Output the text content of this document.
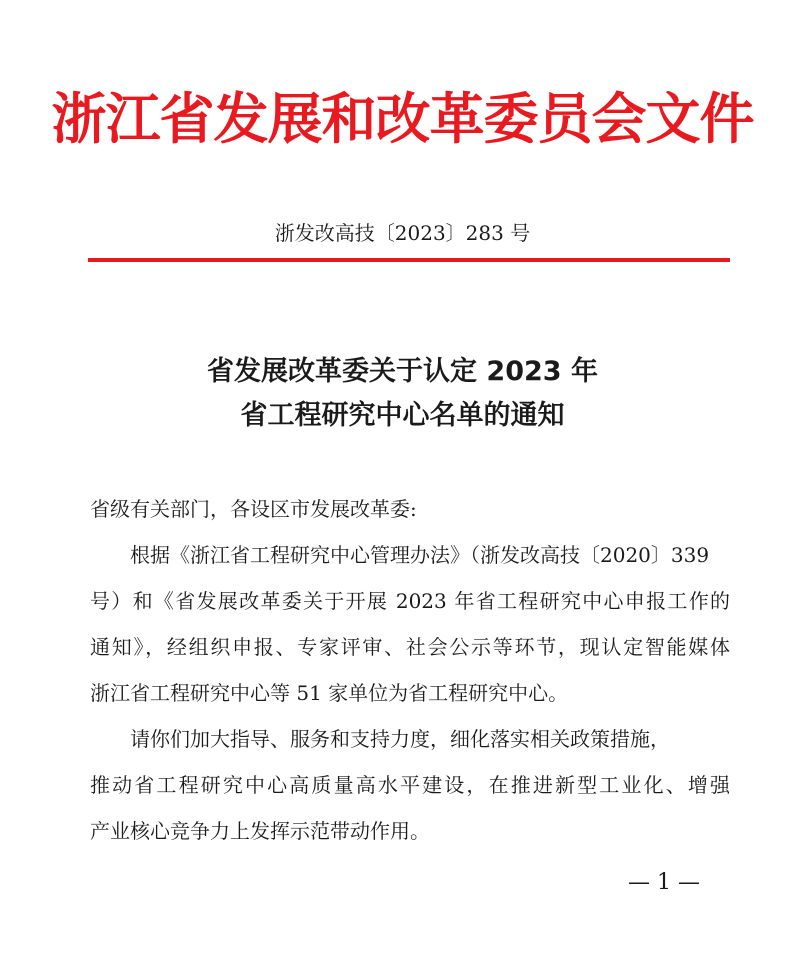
浙江省发展和改革委员会文件
浙发改高技〔2023〕283 号
省发展改革委关于认定 2023 年
省工程研究中心名单的通知
省级有关部门，各设区市发展改革委:
根据《浙江省工程研究中心管理办法》（浙发改高技〔2020〕339
号）和《省发展改革委关于开展 2023 年省工程研究中心申报工作的
通知》，经组织申报、专家评审、社会公示等环节，现认定智能媒体
浙江省工程研究中心等 51 家单位为省工程研究中心。
请你们加大指导、服务和支持力度，细化落实相关政策措施，
推动省工程研究中心高质量高水平建设，在推进新型工业化、增强
产业核心竞争力上发挥示范带动作用。
— 1 —
